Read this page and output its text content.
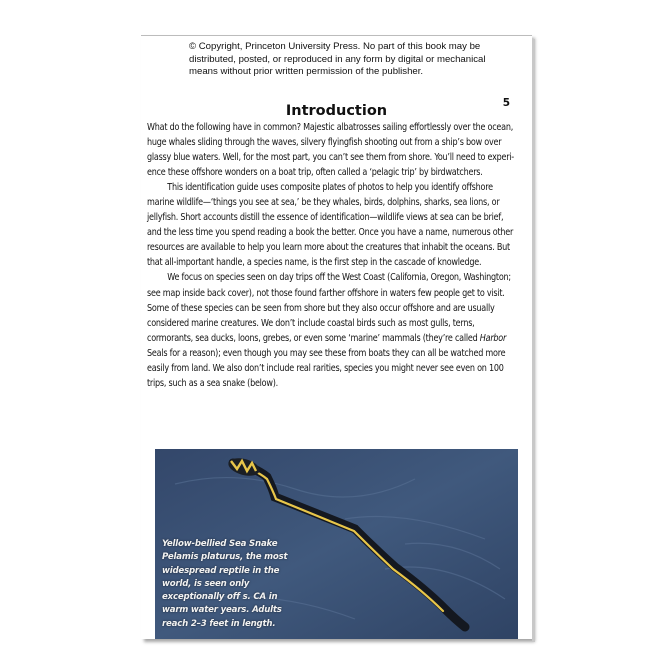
© Copyright, Princeton University Press. No part of this book may be distributed, posted, or reproduced in any form by digital or mechanical means without prior written permission of the publisher.
5
Introduction

What do the following have in common? Majestic albatrosses sailing effortlessly over the ocean, huge whales sliding through the waves, silvery flyingfish shooting out from a ship’s bow over glassy blue waters. Well, for the most part, you can’t see them from shore. You’ll need to experi-ence these offshore wonders on a boat trip, often called a ‘pelagic trip’ by birdwatchers.

This identification guide uses composite plates of photos to help you identify offshore marine wildlife—‘things you see at sea,’ be they whales, birds, dolphins, sharks, sea lions, or jellyfish. Short accounts distill the essence of identification—wildlife views at sea can be brief, and the less time you spend reading a book the better. Once you have a name, numerous other resources are available to help you learn more about the creatures that inhabit the oceans. But that all-important handle, a species name, is the first step in the cascade of knowledge.

We focus on species seen on day trips off the West Coast (California, Oregon, Washington; see map inside back cover), not those found farther offshore in waters few people get to visit. Some of these species can be seen from shore but they also occur offshore and are usually considered marine creatures. We don’t include coastal birds such as most gulls, terns, cormorants, sea ducks, loons, grebes, or even some ‘marine’ mammals (they’re called Harbor Seals for a reason); even though you may see these from boats they can all be watched more easily from land. We also don’t include real rarities, species you might never see even on 100 trips, such as a sea snake (below).

Yellow-bellied Sea Snake Pelamis platurus, the most widespread reptile in the world, is seen only exceptionally off s. CA in warm water years. Adults reach 2–3 feet in length.
